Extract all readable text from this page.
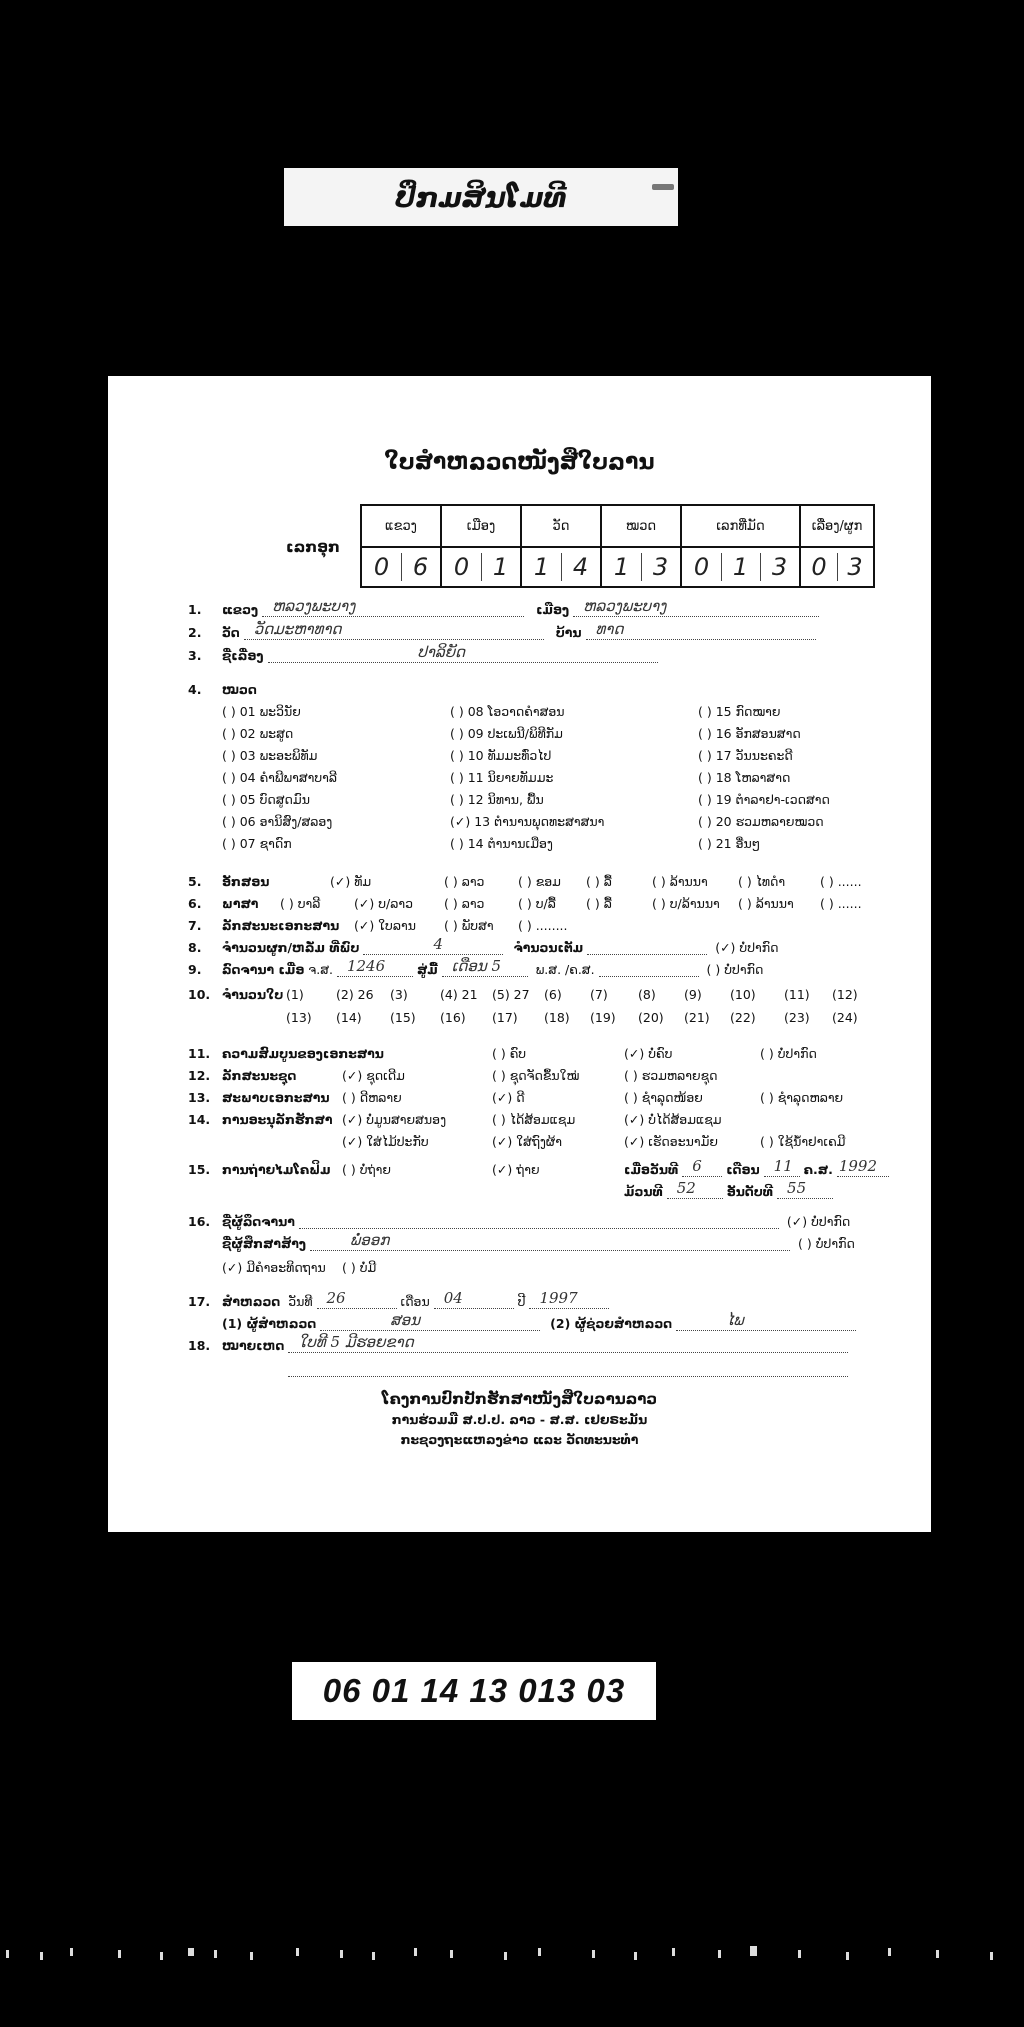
ປຶກມສິນໂມທີ
ໃບສຳຫລວດໜັງສືໃບລານ
ເລກອຸກ
ແຂວງ	ເມືອງ	ວັດ	ໝວດ	ເລກທີ່ມັດ	ເລື່ອງ/ຜູກ
0 6	0 1	1 4	1 3	0 1 3	0 3
1. ແຂວງ ຫລວງພະບາງ	ເມືອງ ຫລວງພະບາງ
2. ວັດ ວັດມະຫາທາດ	ບ້ານ ທາດ
3. ຊື່ເລື່ອງ	ປາລິຍັດ
4. ໝວດ
( ) 01 ພະວິນັຍ	( ) 08 ໂອວາດຄຳສອນ	( ) 15 ກົດໝາຍ
( ) 02 ພະສູດ	( ) 09 ປະເພນີ/ພິທີກັມ	( ) 16 ອັກສອນສາດ
( ) 03 ພະອະພິທັມ	( ) 10 ທັມມະທົ່ວໄປ	( ) 17 ວັນນະຄະດີ
( ) 04 ຄຳພີພາສາບາລີ	( ) 11 ນິຍາຍທັມມະ	( ) 18 ໂຫລາສາດ
( ) 05 ບົດສູດມົນ	( ) 12 ນິທານ, ພື້ນ	( ) 19 ຕຳລາຢາ-ເວດສາດ
( ) 06 ອານິສົງ/ສລອງ	(✓) 13 ຕຳນານພຸດທະສາສນາ	( ) 20 ຮວມຫລາຍໝວດ
( ) 07 ຊາດົກ	( ) 14 ຕຳນານເມືອງ	( ) 21 ອື່ນໆ
5. ອັກສອນ	(✓) ທັມ	( ) ລາວ	( ) ຂອມ ( ) ລື້	( ) ລ້ານນາ ( ) ໄທດຳ	( ) ......
6. ພາສາ ( ) ບາລີ	(✓) ບ/ລາວ ( ) ລາວ	( ) ບ/ລື້ ( ) ລື້	( ) ບ/ລ້ານນາ ( ) ລ້ານນາ ( ) ......
7. ລັກສະນະເອກະສານ (✓) ໃບລານ ( ) ພັບສາ ( ) ........
8. ຈຳນວນຜູກ/ຫລັ່ມ ທີ່ພົບ	4	ຈຳນວນເຕັມ	(✓) ບໍ່ປາກົດ
9. ລົດຈານາ ເມື່ອ ຈ.ສ. 1246	ສູ່ມື້ ເດືອນ 5	ພ.ສ. /ຄ.ສ.	( ) ບໍ່ປາກົດ
10. ຈຳນວນໃບ (1)	(2) 26 (3)	(4) 21 (5) 27 (6) (7) (8) (9) (10) (11) (12)
(13) (14) (15) (16) (17) (18) (19) (20) (21) (22) (23) (24)
11. ຄວາມສົມບູນຂອງເອກະສານ	( ) ຄົບ	(✓) ບໍ່ຄົບ	( ) ບໍ່ປາກົດ
12. ລັກສະນະຊຸດ	(✓) ຊຸດເດີມ	( ) ຊຸດຈັດຂຶ້ນໃໝ່	( ) ຮວມຫລາຍຊຸດ
13. ສະພາບເອກະສານ ( ) ດີຫລາຍ	(✓) ດີ	( ) ຊຳລຸດໜ້ອຍ	( ) ຊຳລຸດຫລາຍ
14. ການອະນຸລັກຮັກສາ (✓) ບໍ່ມູນສາຍສນອງ	( ) ໄດ້ສ້ອມແຊມ	(✓) ບໍ່ໄດ້ສ້ອມແຊມ
(✓) ໃສ່ໄມ້ປະກັບ	(✓) ໃສ່ຖົງຜ້າ	(✓) ເຮັດອະນາມັຍ	( ) ໃຊ້ນ້ຳຢາເຄມີ
15. ການຖ່າຍໄມໂຄຟິມ ( ) ບໍ່ຖ່າຍ	(✓) ຖ່າຍ	ເມື່ອວັນທີ 6 ເດືອນ 11 ຄ.ສ. 1992
ມ້ວນທີ 52 ອັນດັບທີ 55
16. ຊື່ຜູ້ລຶດຈານາ	(✓) ບໍ່ປາກົດ
ຊື່ຜູ້ສຶກສາສ້າງ	ພໍ່ອອກ	( ) ບໍ່ປາກົດ
(✓) ມີຄຳອະທິດຖານ ( ) ບໍ່ມີ
17. ສຳຫລວດ ວັນທີ 26	ເດືອນ 04	ປີ 1997
(1) ຜູ້ສຳຫລວດ	ສອນ	(2) ຜູ້ຊ່ວຍສຳຫລວດ	ໄພ
18. ໝາຍເຫດ ໃບທີ 5 ມີຮອຍຂາດ
ໂຄງການປົກປັກຮັກສາໜັງສືໃບລານລາວ
ການຮ່ວມມື ສ.ປ.ປ. ລາວ - ສ.ສ. ເຢຍຣະມັນ
ກະຊວງຖະແຫລງຂ່າວ ແລະ ວັດທະນະທຳ
06 01 14 13 013 03
